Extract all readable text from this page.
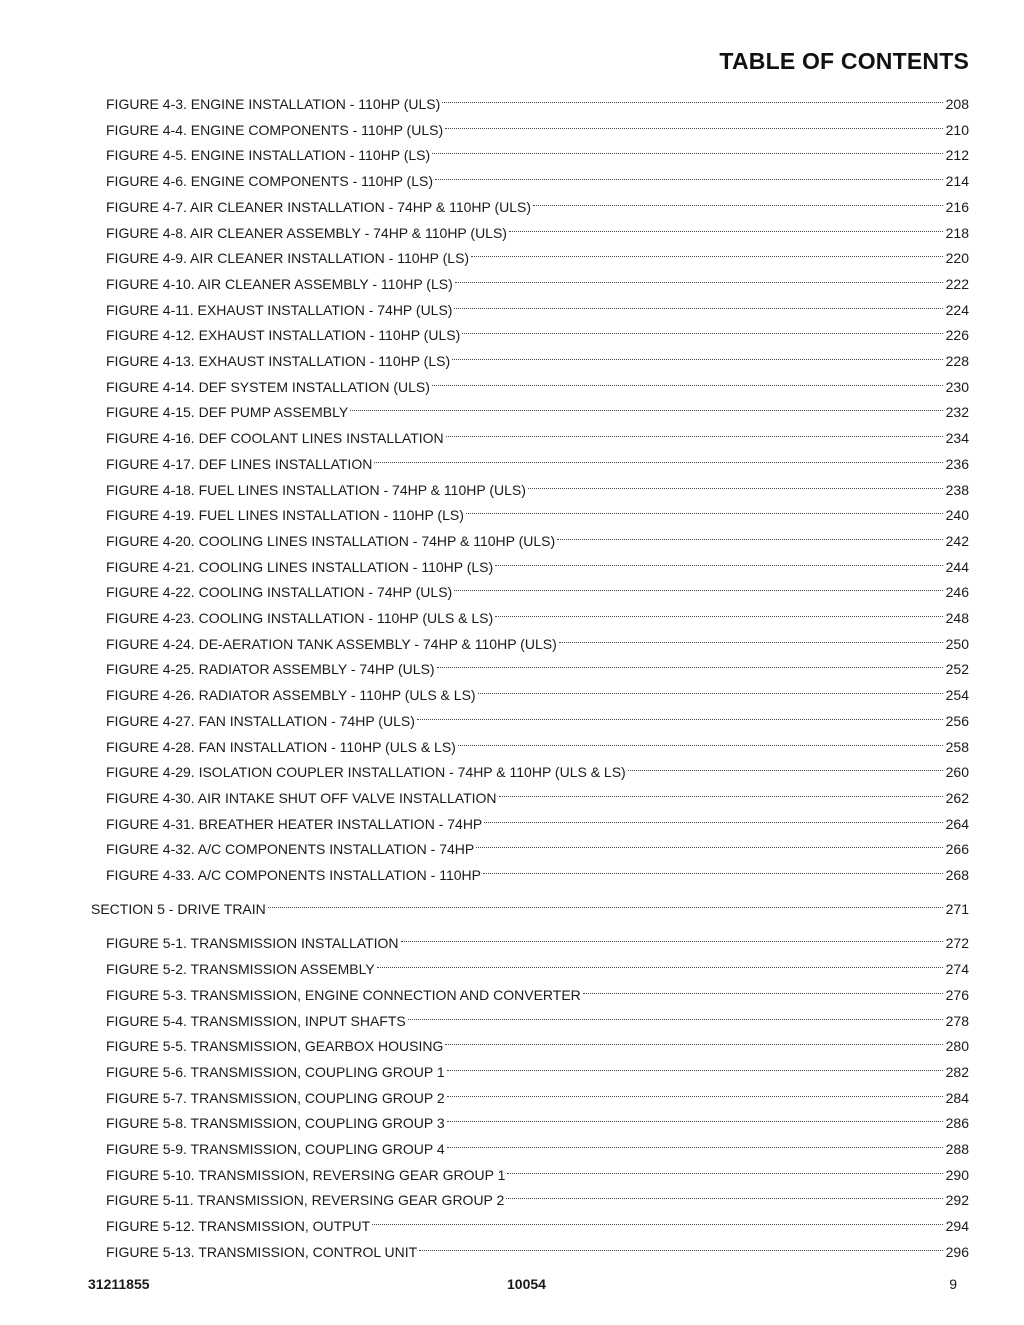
TABLE OF CONTENTS
FIGURE 4-3. ENGINE INSTALLATION - 110HP (ULS)	208
FIGURE 4-4. ENGINE COMPONENTS - 110HP (ULS)	210
FIGURE 4-5. ENGINE INSTALLATION - 110HP (LS)	212
FIGURE 4-6. ENGINE COMPONENTS - 110HP (LS)	214
FIGURE 4-7. AIR CLEANER INSTALLATION - 74HP & 110HP (ULS)	216
FIGURE 4-8. AIR CLEANER ASSEMBLY - 74HP & 110HP (ULS)	218
FIGURE 4-9. AIR CLEANER INSTALLATION - 110HP (LS)	220
FIGURE 4-10. AIR CLEANER ASSEMBLY - 110HP (LS)	222
FIGURE 4-11. EXHAUST INSTALLATION - 74HP (ULS)	224
FIGURE 4-12. EXHAUST INSTALLATION - 110HP (ULS)	226
FIGURE 4-13. EXHAUST INSTALLATION - 110HP (LS)	228
FIGURE 4-14. DEF SYSTEM INSTALLATION (ULS)	230
FIGURE 4-15. DEF PUMP ASSEMBLY	232
FIGURE 4-16. DEF COOLANT LINES INSTALLATION	234
FIGURE 4-17. DEF LINES INSTALLATION	236
FIGURE 4-18. FUEL LINES INSTALLATION - 74HP & 110HP (ULS)	238
FIGURE 4-19. FUEL LINES INSTALLATION - 110HP (LS)	240
FIGURE 4-20. COOLING LINES INSTALLATION - 74HP & 110HP (ULS)	242
FIGURE 4-21. COOLING LINES INSTALLATION - 110HP (LS)	244
FIGURE 4-22. COOLING INSTALLATION - 74HP (ULS)	246
FIGURE 4-23. COOLING INSTALLATION - 110HP (ULS & LS)	248
FIGURE 4-24. DE-AERATION TANK ASSEMBLY - 74HP & 110HP (ULS)	250
FIGURE 4-25. RADIATOR ASSEMBLY - 74HP (ULS)	252
FIGURE 4-26. RADIATOR ASSEMBLY - 110HP (ULS & LS)	254
FIGURE 4-27. FAN INSTALLATION - 74HP (ULS)	256
FIGURE 4-28. FAN INSTALLATION - 110HP (ULS & LS)	258
FIGURE 4-29. ISOLATION COUPLER INSTALLATION - 74HP & 110HP (ULS & LS)	260
FIGURE 4-30. AIR INTAKE SHUT OFF VALVE INSTALLATION	262
FIGURE 4-31. BREATHER HEATER INSTALLATION - 74HP	264
FIGURE 4-32. A/C COMPONENTS INSTALLATION - 74HP	266
FIGURE 4-33. A/C COMPONENTS INSTALLATION - 110HP	268
SECTION 5 - DRIVE TRAIN	271
FIGURE 5-1. TRANSMISSION INSTALLATION	272
FIGURE 5-2. TRANSMISSION ASSEMBLY	274
FIGURE 5-3. TRANSMISSION, ENGINE CONNECTION AND CONVERTER	276
FIGURE 5-4. TRANSMISSION, INPUT SHAFTS	278
FIGURE 5-5. TRANSMISSION, GEARBOX HOUSING	280
FIGURE 5-6. TRANSMISSION, COUPLING GROUP 1	282
FIGURE 5-7. TRANSMISSION, COUPLING GROUP 2	284
FIGURE 5-8. TRANSMISSION, COUPLING GROUP 3	286
FIGURE 5-9. TRANSMISSION, COUPLING GROUP 4	288
FIGURE 5-10. TRANSMISSION, REVERSING GEAR GROUP 1	290
FIGURE 5-11. TRANSMISSION, REVERSING GEAR GROUP 2	292
FIGURE 5-12. TRANSMISSION, OUTPUT	294
FIGURE 5-13. TRANSMISSION, CONTROL UNIT	296
31211855	10054	9
